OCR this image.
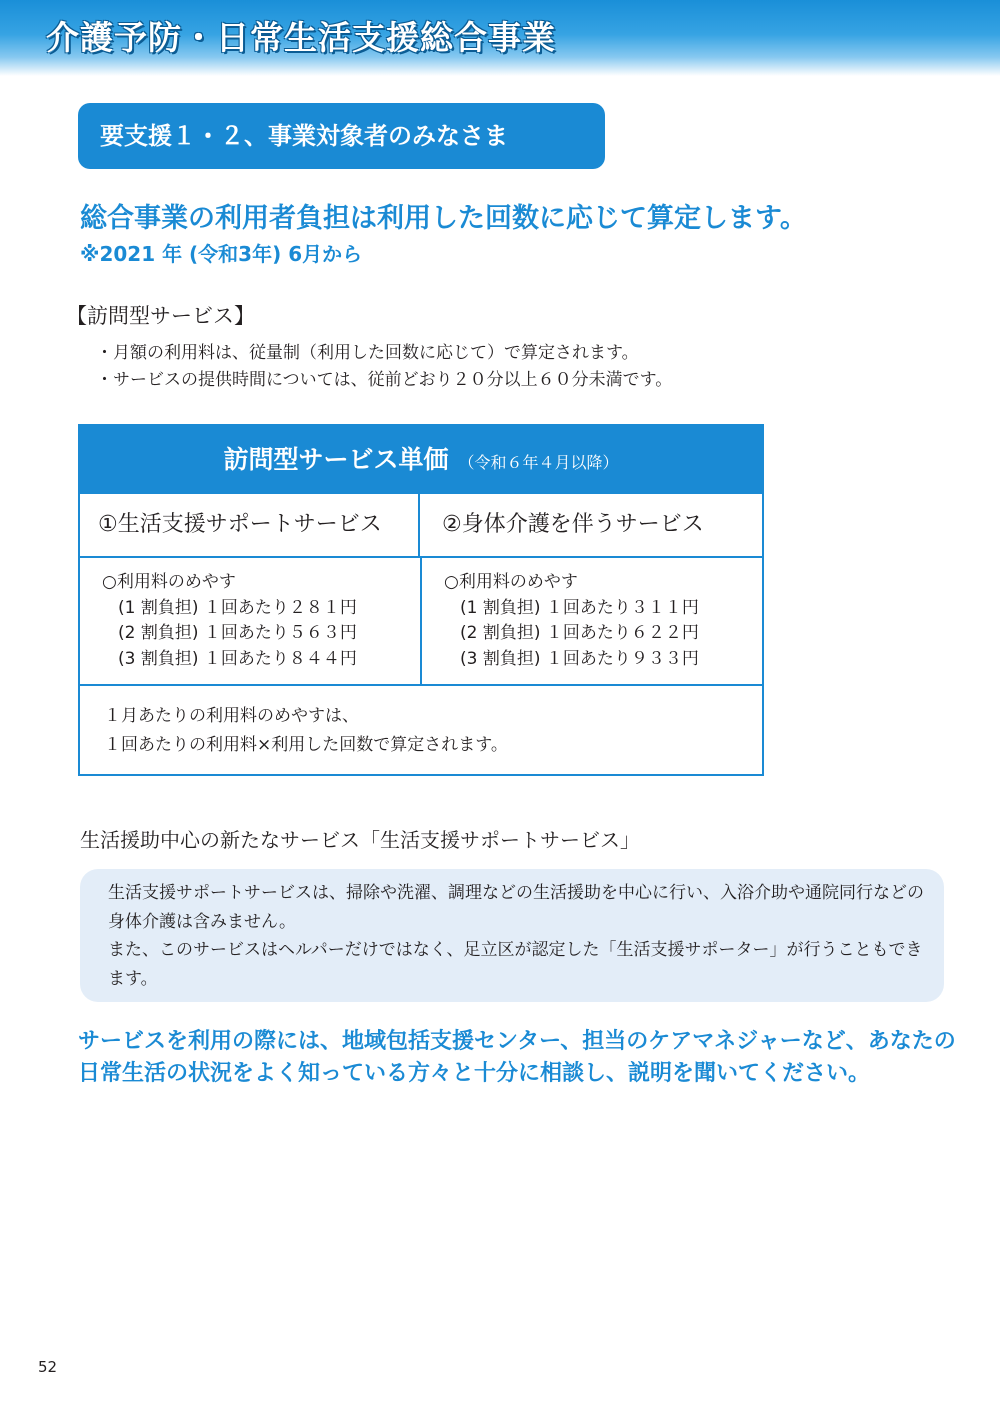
介護予防・日常生活支援総合事業
要支援１・２、事業対象者のみなさま
総合事業の利用者負担は利用した回数に応じて算定します。
※2021 年 (令和3年) 6月から
【訪問型サービス】
・月額の利用料は、従量制（利用した回数に応じて）で算定されます。
・サービスの提供時間については、従前どおり２０分以上６０分未満です。
訪問型サービス単価 （令和６年４月以降）
①生活支援サポートサービス	②身体介護を伴うサービス
○利用料のめやす
(1 割負担) １回あたり２８１円
(2 割負担) １回あたり５６３円
(3 割負担) １回あたり８４４円
○利用料のめやす
(1 割負担) １回あたり３１１円
(2 割負担) １回あたり６２２円
(3 割負担) １回あたり９３３円
１月あたりの利用料のめやすは、
１回あたりの利用料×利用した回数で算定されます。
生活援助中心の新たなサービス「生活支援サポートサービス」

生活支援サポートサービスは、掃除や洗濯、調理などの生活援助を中心に行い、入浴介助や通院同行などの身体介護は含みません。

また、このサービスはヘルパーだけではなく、足立区が認定した「生活支援サポーター」が行うこともできます。

サービスを利用の際には、地域包括支援センター、担当のケアマネジャーなど、あなたの日常生活の状況をよく知っている方々と十分に相談し、説明を聞いてください。
52
